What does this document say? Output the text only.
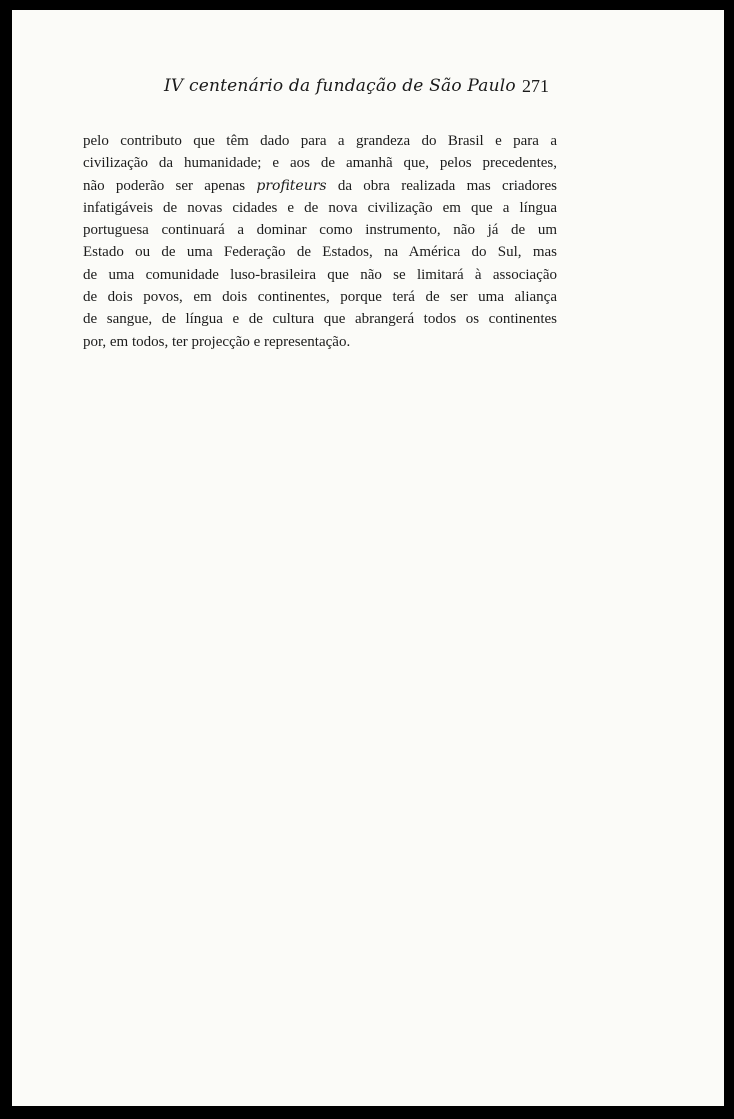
IV centenário da fundação de São Paulo 271

pelo contributo que têm dado para a grandeza do Brasil e para a
civilização da humanidade; e aos de amanhã que, pelos precedentes,
não poderão ser apenas profiteurs da obra realizada mas criadores
infatigáveis de novas cidades e de nova civilização em que a língua
portuguesa continuará a dominar como instrumento, não já de um
Estado ou de uma Federação de Estados, na América do Sul, mas
de uma comunidade luso-brasileira que não se limitará à associação
de dois povos, em dois continentes, porque terá de ser uma aliança
de sangue, de língua e de cultura que abrangerá todos os continentes
por, em todos, ter projecção e representação.
